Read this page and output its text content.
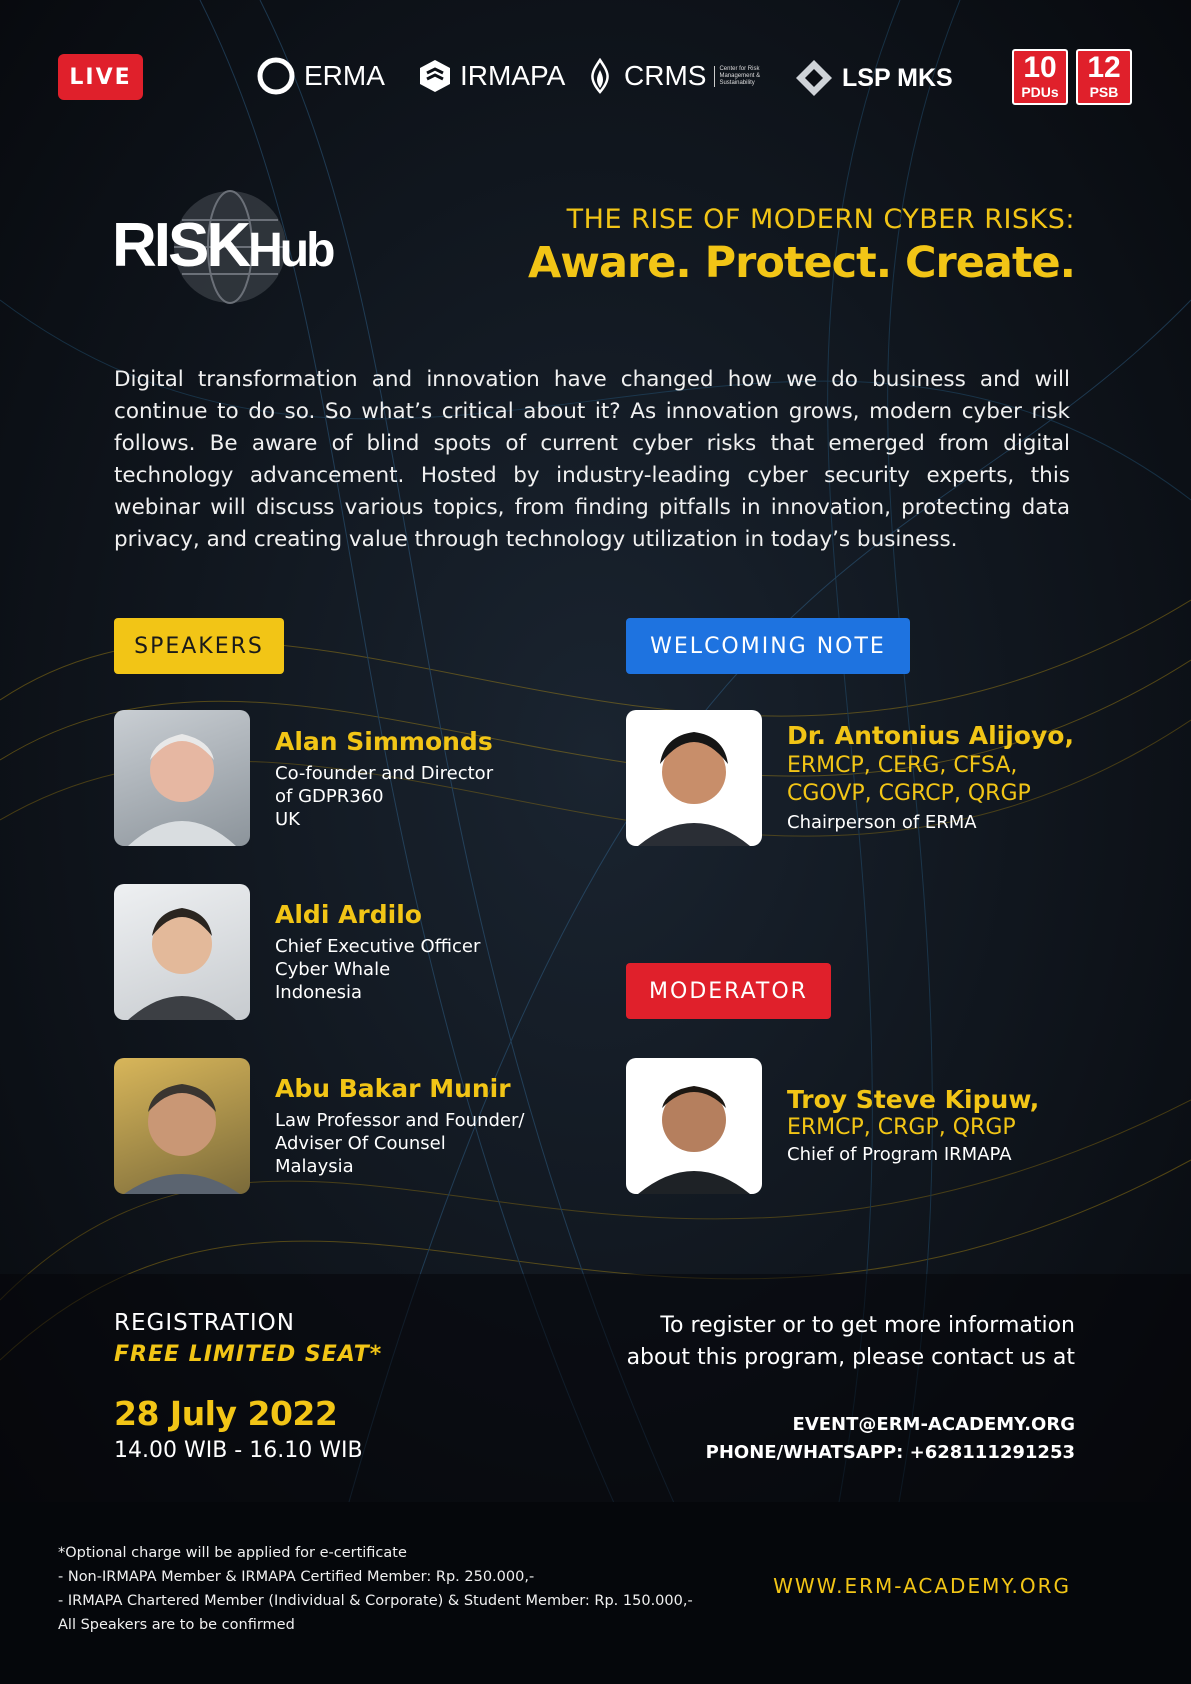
LIVE	ERMA	IRMAPA CRMS	Center for Risk Management & Sustainability	LSP MKS	10
PDUs
12
PSB
RISKHub
THE RISE OF MODERN CYBER RISKS:
Aware. Protect. Create.
Digital transformation and innovation have changed how we do business and will continue to do so. So what’s critical about it? As innovation grows, modern cyber risk follows. Be aware of blind spots of current cyber risks that emerged from digital technology advancement. Hosted by industry-leading cyber security experts, this webinar will discuss various topics, from finding pitfalls in innovation, protecting data privacy, and creating value through technology utilization in today’s business.
SPEAKERS	WELCOMING NOTE
MODERATOR
Alan Simmonds
Co-founder and Director
of GDPR360
UK
Aldi Ardilo
Chief Executive Officer
Cyber Whale
Indonesia
Abu Bakar Munir
Law Professor and Founder/
Adviser Of Counsel
Malaysia
Dr. Antonius Alijoyo,
ERMCP, CERG, CFSA,
CGOVP, CGRCP, QRGP
Chairperson of ERMA
Troy Steve Kipuw,
ERMCP, CRGP, QRGP
Chief of Program IRMAPA
REGISTRATION
FREE LIMITED SEAT*
28 July 2022
14.00 WIB - 16.10 WIB
To register or to get more information
about this program, please contact us at
EVENT@ERM-ACADEMY.ORG
PHONE/WHATSAPP: +628111291253
*Optional charge will be applied for e-certificate
- Non-IRMAPA Member & IRMAPA Certified Member: Rp. 250.000,-
- IRMAPA Chartered Member (Individual & Corporate) & Student Member: Rp. 150.000,-
All Speakers are to be confirmed
WWW.ERM-ACADEMY.ORG
